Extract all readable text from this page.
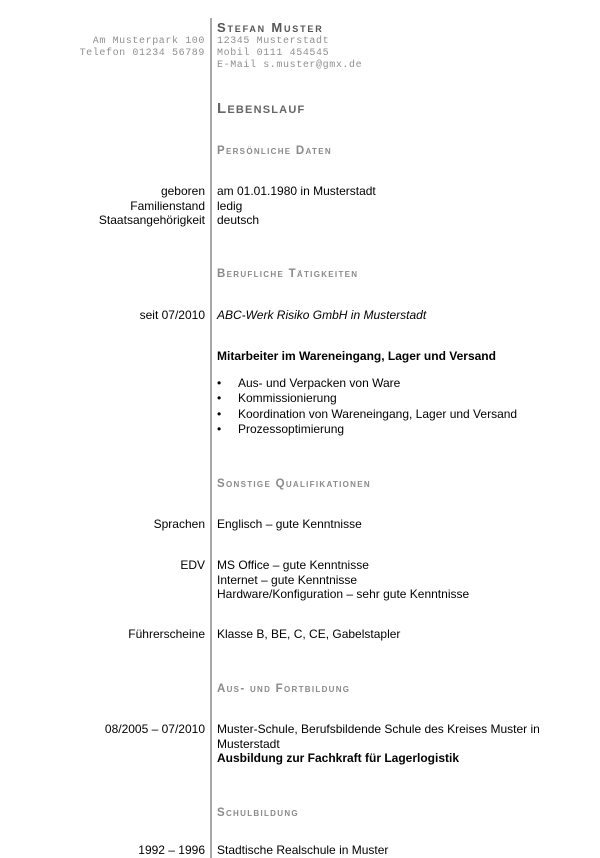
Stefan Muster
Am Musterpark 100
Telefon 01234 56789
12345 Musterstadt
Mobil 0111 454545
E-Mail s.muster@gmx.de
Lebenslauf
Persönliche Daten
geboren
Familienstand
Staatsangehörigkeit
am 01.01.1980 in Musterstadt
ledig
deutsch
Berufliche Tätigkeiten
seit 07/2010 ABC-Werk Risiko GmbH in Musterstadt
Mitarbeiter im Wareneingang, Lager und Versand
• Aus- und Verpacken von Ware
• Kommissionierung
• Koordination von Wareneingang, Lager und Versand
• Prozessoptimierung
Sonstige Qualifikationen
Sprachen Englisch – gute Kenntnisse
EDV MS Office – gute Kenntnisse
Internet – gute Kenntnisse
Hardware/Konfiguration – sehr gute Kenntnisse
Führerscheine Klasse B, BE, C, CE, Gabelstapler
Aus- und Fortbildung
08/2005 – 07/2010 Muster-Schule, Berufsbildende Schule des Kreises Muster in
Musterstadt
Ausbildung zur Fachkraft für Lagerlogistik
Schulbildung
1992 – 1996 Stadtische Realschule in Muster
